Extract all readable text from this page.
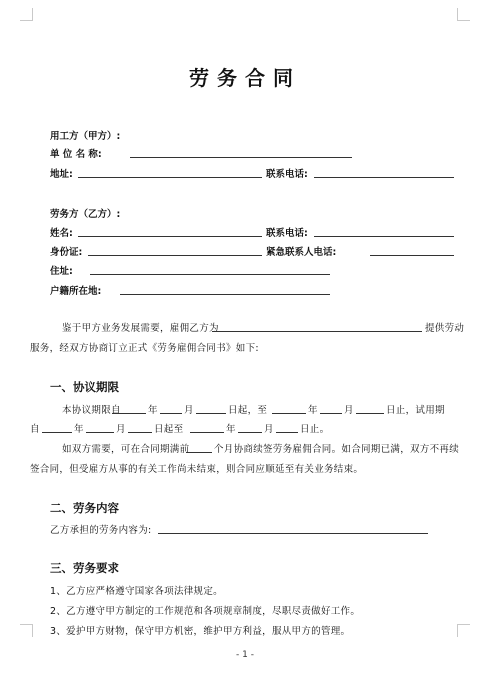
劳务合同
用工方（甲方）:
单 位 名 称:
地址:	联系电话:
劳务方（乙方）:
姓名:	联系电话:
身份证:	紧急联系人电话:
住址:
户籍所在地:
鉴于甲方业务发展需要，雇佣乙方为	提供劳动
服务，经双方协商订立正式《劳务雇佣合同书》如下:
一、协议期限
本协议期限自	年	月	日起，至	年	月	日止，试用期
自	年	月	日起至	年	月	日止。
如双方需要，可在合同期满前	个月协商续签劳务雇佣合同。如合同期已满，双方不再续
签合同，但受雇方从事的有关工作尚未结束，则合同应顺延至有关业务结束。
二、劳务内容
乙方承担的劳务内容为:
三、劳务要求
1、乙方应严格遵守国家各项法律规定。
2、乙方遵守甲方制定的工作规范和各项规章制度，尽职尽责做好工作。
3、爱护甲方财物，保守甲方机密，维护甲方利益，服从甲方的管理。
- 1 -
